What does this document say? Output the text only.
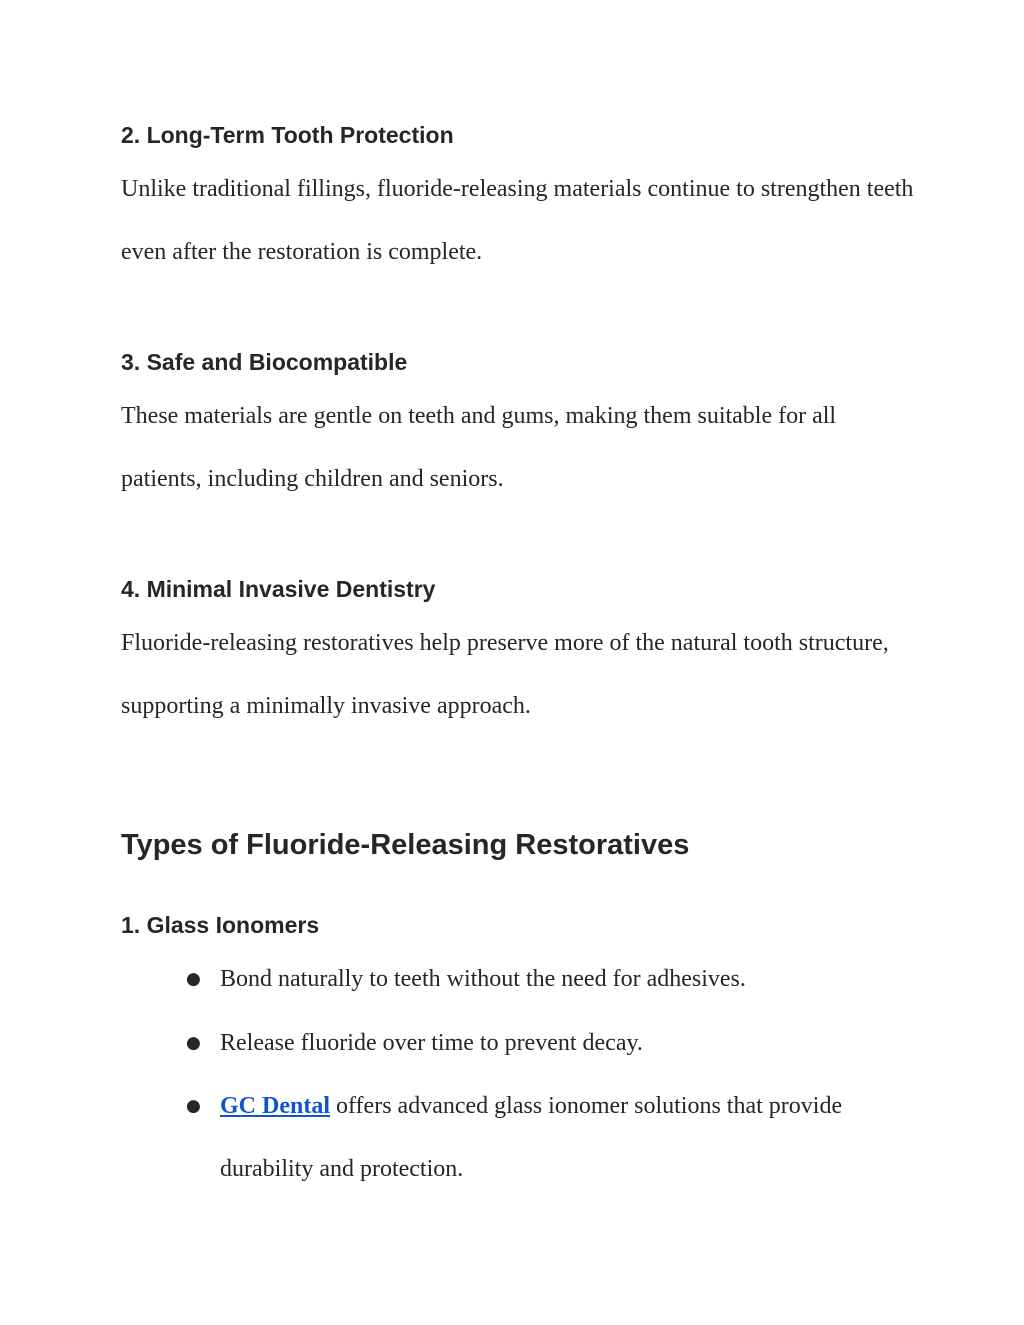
2. Long-Term Tooth Protection

Unlike traditional fillings, fluoride-releasing materials continue to strengthen teeth even after the restoration is complete.

3. Safe and Biocompatible

These materials are gentle on teeth and gums, making them suitable for all patients, including children and seniors.

4. Minimal Invasive Dentistry

Fluoride-releasing restoratives help preserve more of the natural tooth structure, supporting a minimally invasive approach.

Types of Fluoride-Releasing Restoratives
1. Glass Ionomers
● Bond naturally to teeth without the need for adhesives.
● Release fluoride over time to prevent decay.
● GC Dental offers advanced glass ionomer solutions that provide durability and protection.
